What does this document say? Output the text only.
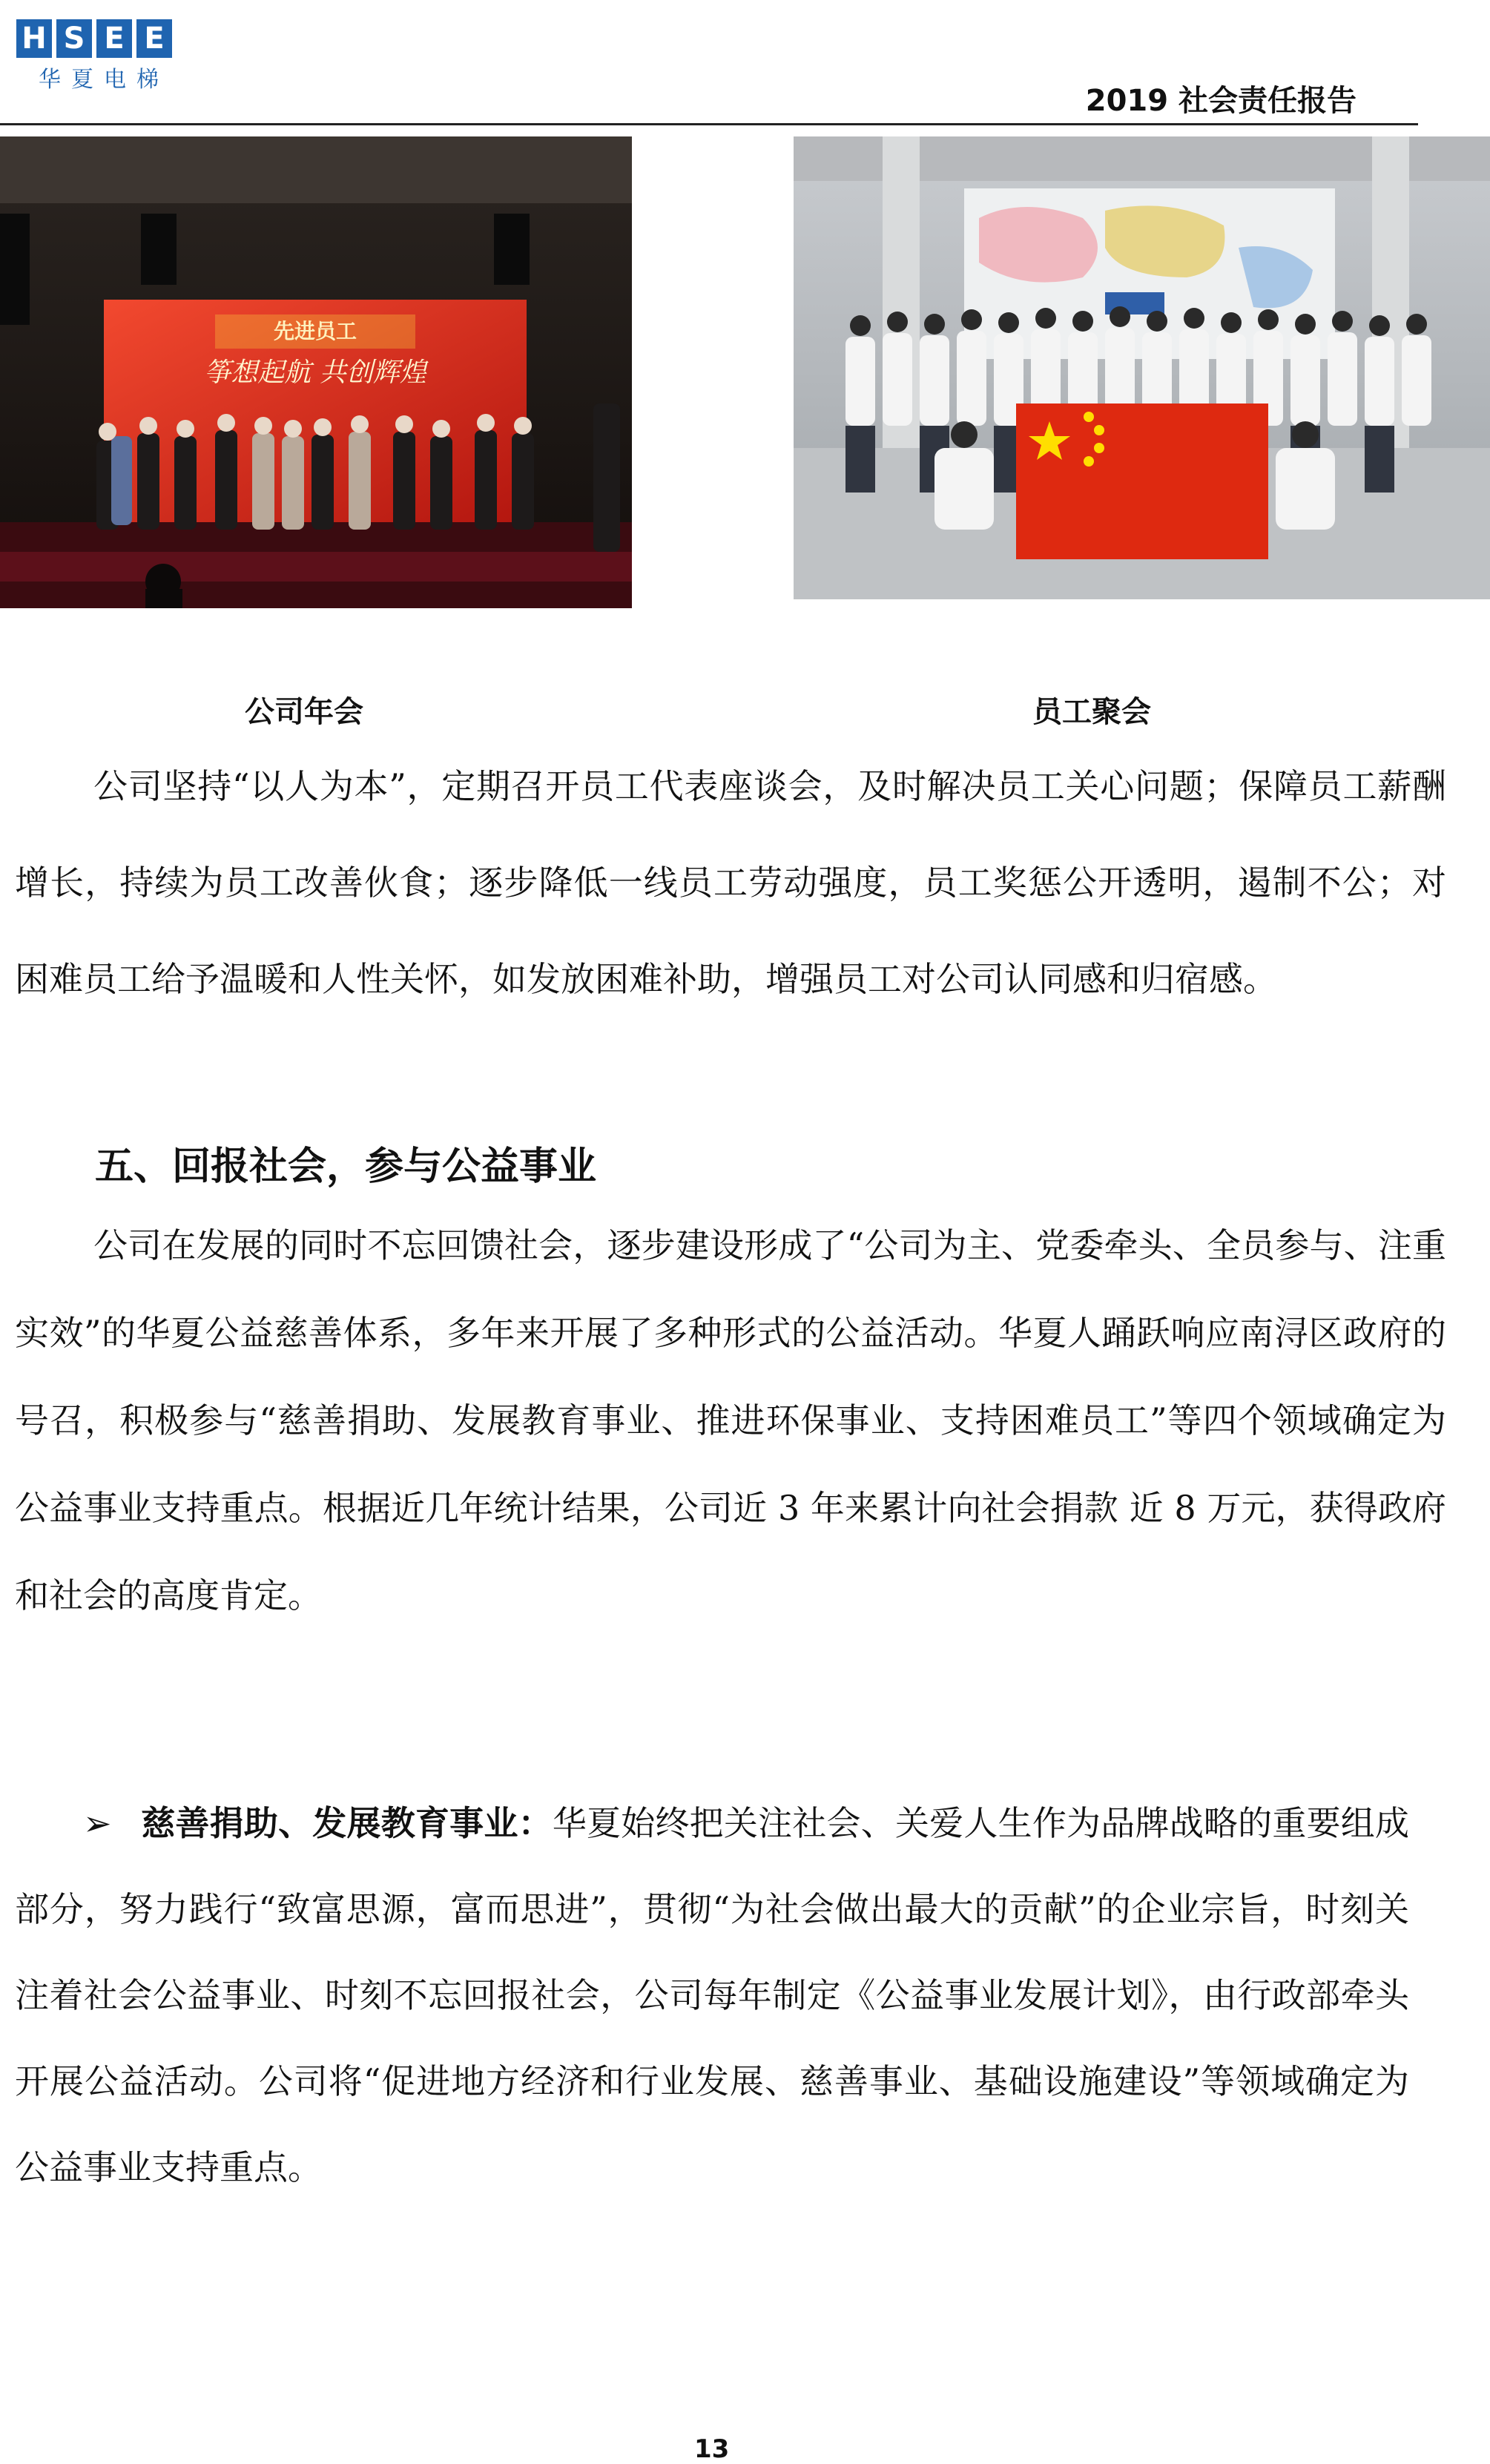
H S E E
华夏电梯
2019 社会责任报告
先进员工
筝想起航 共创辉煌
公司年会	员工聚会
公司坚持“以人为本”，定期召开员工代表座谈会，及时解决员工关心问题；保障员工薪酬增长，持续为员工改善伙食；逐步降低一线员工劳动强度，员工奖惩公开透明，遏制不公；对困难员工给予温暖和人性关怀，如发放困难补助，增强员工对公司认同感和归宿感。
五、回报社会，参与公益事业
公司在发展的同时不忘回馈社会，逐步建设形成了“公司为主、党委牵头、全员参与、注重实效”的华夏公益慈善体系，多年来开展了多种形式的公益活动。华夏人踊跃响应南浔区政府的号召，积极参与“慈善捐助、发展教育事业、推进环保事业、支持困难员工”等四个领域确定为公益事业支持重点。根据近几年统计结果，公司近 3 年来累计向社会捐款 近 8 万元，获得政府和社会的高度肯定。
➢ 慈善捐助、发展教育事业：华夏始终把关注社会、关爱人生作为品牌战略的重要组成部分，努力践行“致富思源，富而思进”，贯彻“为社会做出最大的贡献”的企业宗旨，时刻关注着社会公益事业、时刻不忘回报社会，公司每年制定《公益事业发展计划》，由行政部牵头开展公益活动。公司将“促进地方经济和行业发展、慈善事业、基础设施建设”等领域确定为公益事业支持重点。
13
